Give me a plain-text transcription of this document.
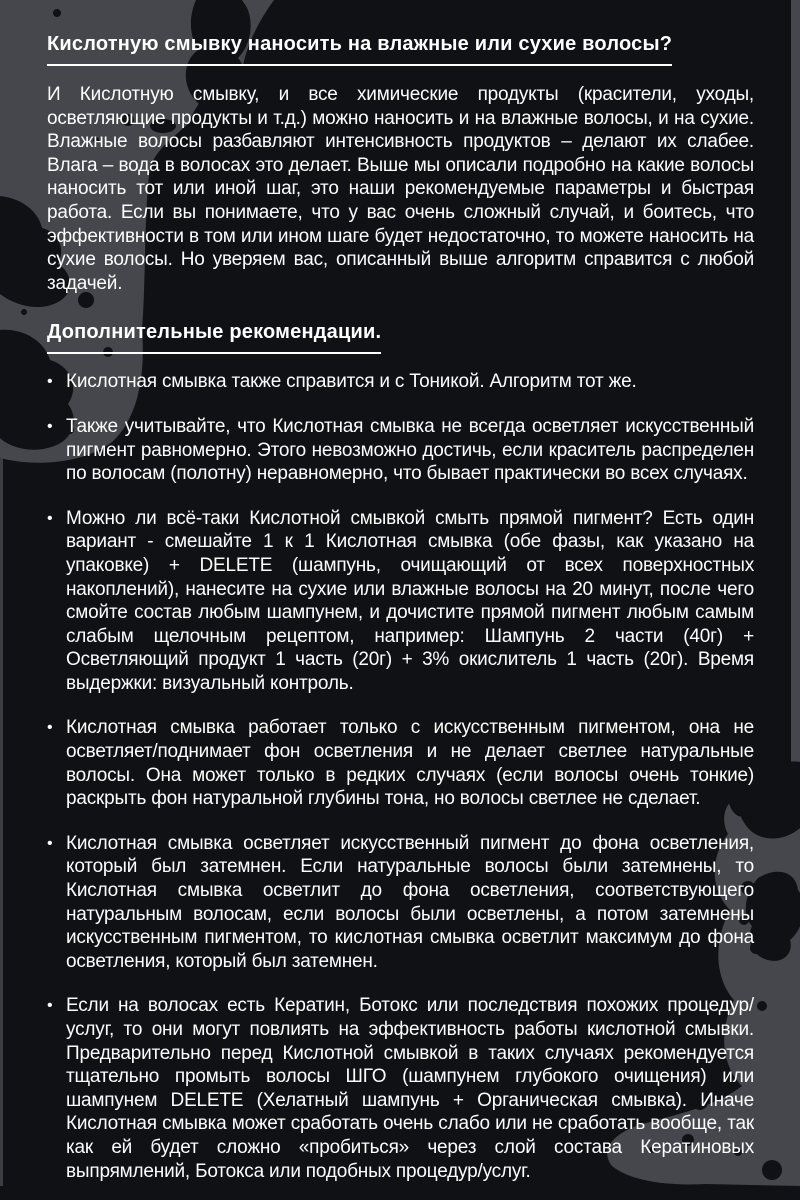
Кислотную смывку наносить на влажные или сухие волосы?

И Кислотную смывку, и все химические продукты (красители, уходы, осветляющие продукты и т.д.) можно наносить и на влажные волосы, и на сухие. Влажные волосы разбавляют интенсивность продуктов – делают их слабее. Влага – вода в волосах это делает. Выше мы описали подробно на какие волосы наносить тот или иной шаг, это наши рекомендуемые параметры и быстрая работа. Если вы понимаете, что у вас очень сложный случай, и боитесь, что эффективности в том или ином шаге будет недостаточно, то можете наносить на сухие волосы. Но уверяем вас, описанный выше алгоритм справится с любой задачей.

Дополнительные рекомендации.
• Кислотная смывка также справится и с Тоникой. Алгоритм тот же.
• Также учитывайте, что Кислотная смывка не всегда осветляет искусственный пигмент равномерно. Этого невозможно достичь, если краситель распределен по волосам (полотну) неравномерно, что бывает практически во всех случаях.
• Можно ли всё-таки Кислотной смывкой смыть прямой пигмент? Есть один вариант - смешайте 1 к 1 Кислотная смывка (обе фазы, как указано на упаковке) + DELETE (шампунь, очищающий от всех поверхностных накоплений), нанесите на сухие или влажные волосы на 20 минут, после чего смойте состав любым шампунем, и дочистите прямой пигмент любым самым слабым щелочным рецептом, например: Шампунь 2 части (40г) + Осветляющий продукт 1 часть (20г) + 3% окислитель 1 часть (20г). Время выдержки: визуальный контроль.
• Кислотная смывка работает только с искусственным пигментом, она не осветляет/поднимает фон осветления и не делает светлее натуральные волосы. Она может только в редких случаях (если волосы очень тонкие) раскрыть фон натуральной глубины тона, но волосы светлее не сделает.
• Кислотная смывка осветляет искусственный пигмент до фона осветления, который был затемнен. Если натуральные волосы были затемнены, то Кислотная смывка осветлит до фона осветления, соответствующего натуральным волосам, если волосы были осветлены, а потом затемнены искусственным пигментом, то кислотная смывка осветлит максимум до фона осветления, который был затемнен.
• Если на волосах есть Кератин, Ботокс или последствия похожих процедур/услуг, то они могут повлиять на эффективность работы кислотной смывки. Предварительно перед Кислотной смывкой в таких случаях рекомендуется тщательно промыть волосы ШГО (шампунем глубокого очищения) или шампунем DELETE (Хелатный шампунь + Органическая смывка). Иначе Кислотная смывка может сработать очень слабо или не сработать вообще, так как ей будет сложно «пробиться» через слой состава Кератиновых выпрямлений, Ботокса или подобных процедур/услуг.
